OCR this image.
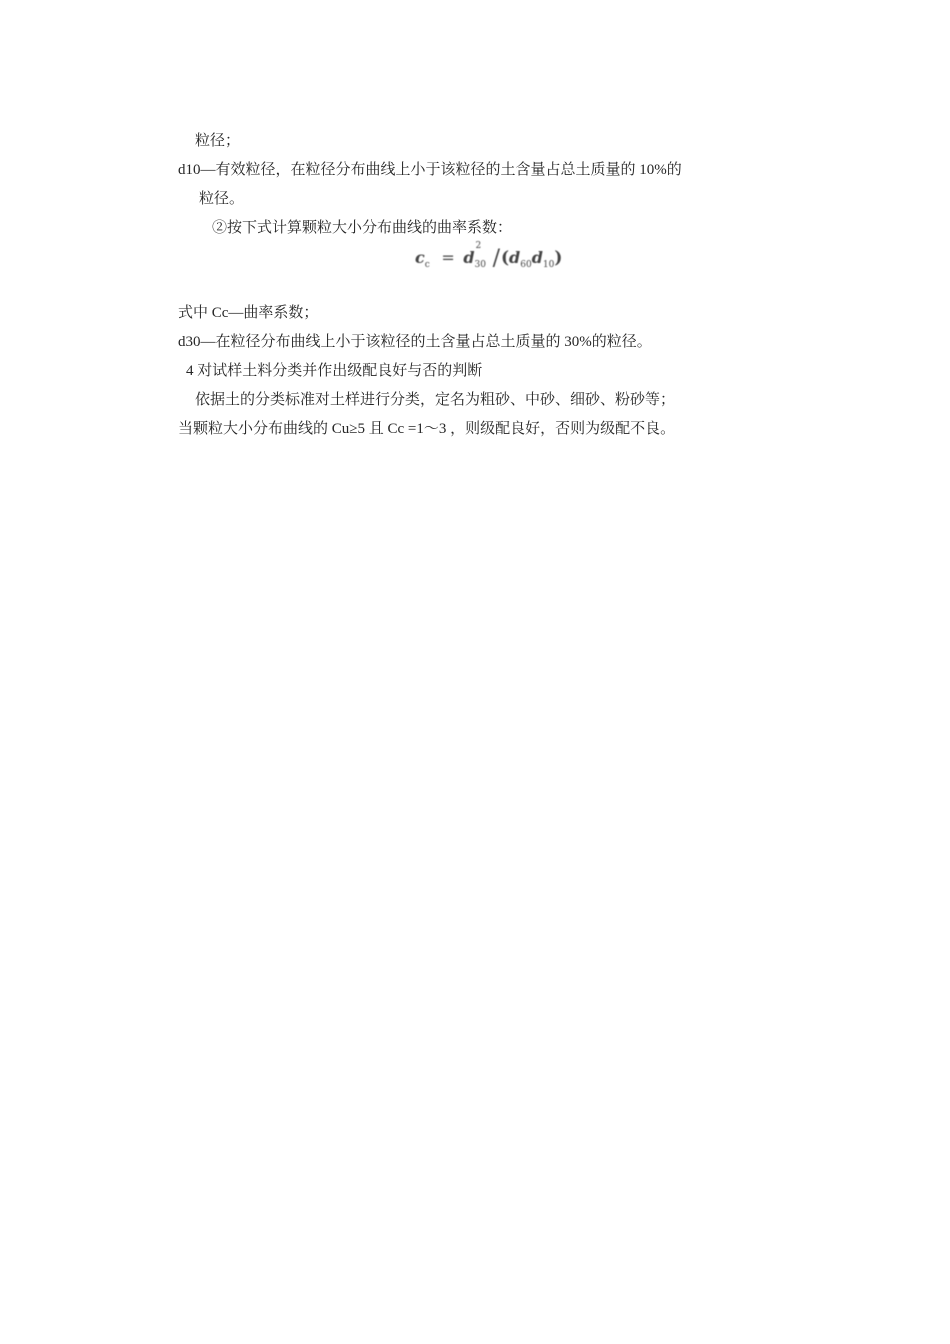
粒径；
d10—有效粒径，在粒径分布曲线上小于该粒径的土含量占总土质量的 10%的
粒径。
②按下式计算颗粒大小分布曲线的曲率系数：
$c_c = d$
2
$_{30}$ $/(d_{60}d_{10})$
式中 Cc—曲率系数；
d30—在粒径分布曲线上小于该粒径的土含量占总土质量的 30%的粒径。
4 对试样土料分类并作出级配良好与否的判断
依据土的分类标准对土样进行分类，定名为粗砂、中砂、细砂、粉砂等；
当颗粒大小分布曲线的 Cu≥5 且 Cc =1～3 ，则级配良好，否则为级配不良。
